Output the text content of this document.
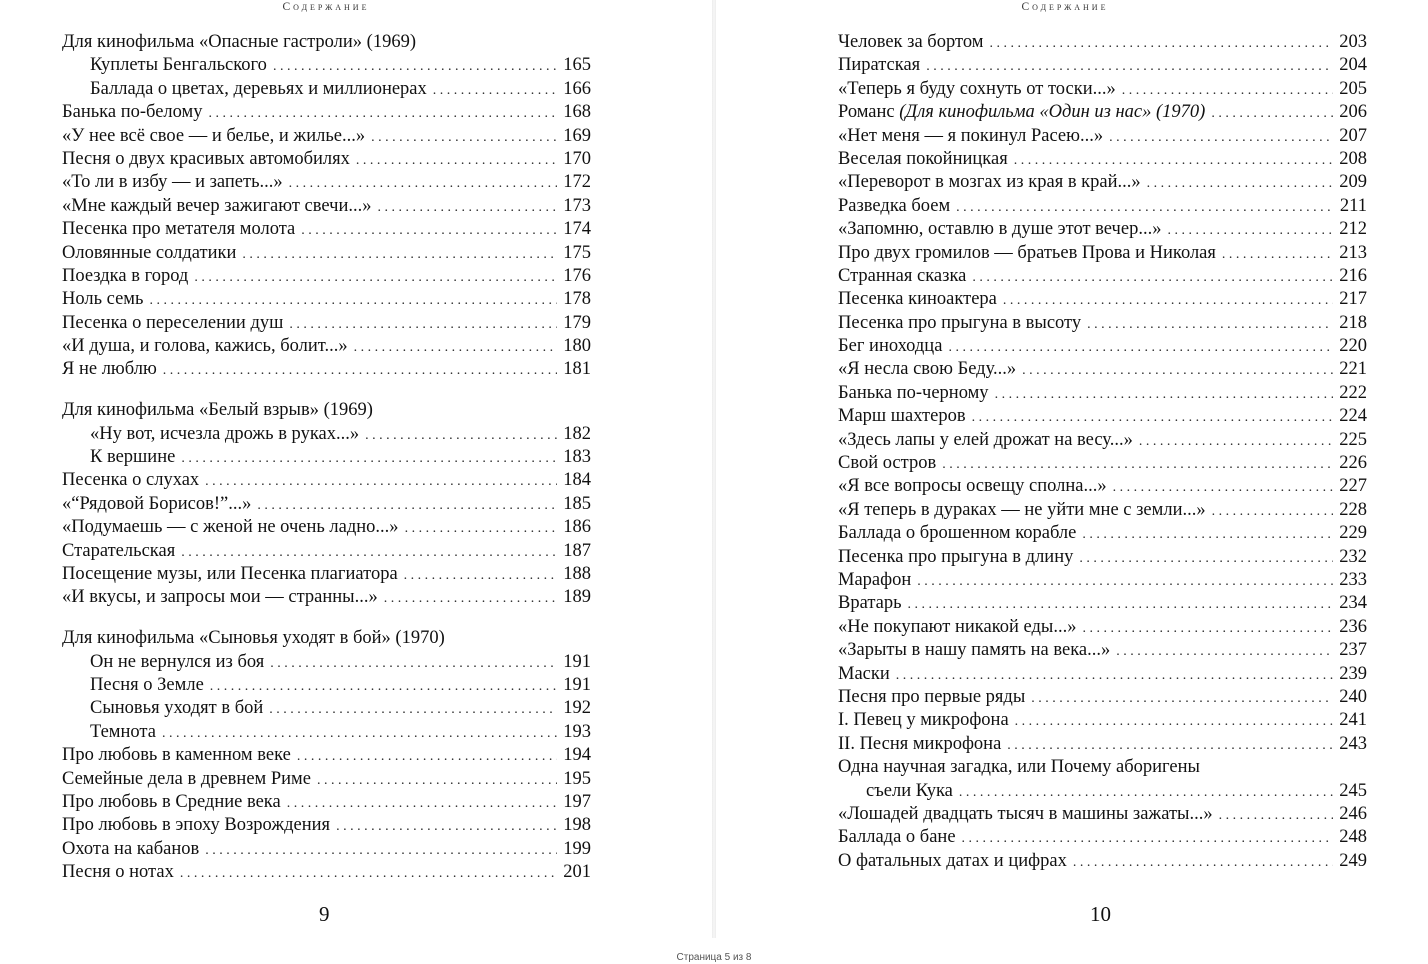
Содержание
Для кинофильма «Опасные гастроли» (1969)
Куплеты Бенгальского . . .	165
Баллада о цветах, деревьях и миллионерах . . .	166
Банька по-белому . . .	168
«У нее всё свое — и белье, и жилье...» . . .	169
Песня о двух красивых автомобилях . . .	170
«То ли в избу — и запеть...» . . .	172
«Мне каждый вечер зажигают свечи...» . . .	173
Песенка про метателя молота . . .	174
Оловянные солдатики . . .	175
Поездка в город . . .	176
Ноль семь . . .	178
Песенка о переселении душ . . .	179
«И душа, и голова, кажись, болит...» . . .	180
Я не люблю . . .	181
Для кинофильма «Белый взрыв» (1969)
«Ну вот, исчезла дрожь в руках...» . . .	182
К вершине . . .	183
Песенка о слухах . . .	184
«“Рядовой Борисов!”...» . . .	185
«Подумаешь — с женой не очень ладно...» . . .	186
Старательская . . .	187
Посещение музы, или Песенка плагиатора . . .	188
«И вкусы, и запросы мои — странны...» . . .	189
Для кинофильма «Сыновья уходят в бой» (1970)
Он не вернулся из боя . . .	191
Песня о Земле . . .	191
Сыновья уходят в бой . . .	192
Темнота . . .	193
Про любовь в каменном веке . . .	194
Семейные дела в древнем Риме . . .	195
Про любовь в Средние века . . .	197
Про любовь в эпоху Возрождения . . .	198
Охота на кабанов . . .	199
Песня о нотах . . .	201
9
Содержание
Человек за бортом . . .	203
Пиратская . . .	204
«Теперь я буду сохнуть от тоски...» . . .	205
Романс
(Для кинофильма «Один из нас» (1970) . . .	206
«Нет меня — я покинул Расею...» . . .	207
Веселая покойницкая . . .	208
«Переворот в мозгах из края в край...» . . .	209
Разведка боем . . .	211
«Запомню, оставлю в душе этот вечер...» . . .	212
Про двух громилов — братьев Прова и Николая . . .	213
Странная сказка . . .	216
Песенка киноактера . . .	217
Песенка про прыгуна в высоту . . .	218
Бег иноходца . . .	220
«Я несла свою Беду...» . . .	221
Банька по-черному . . .	222
Марш шахтеров . . .	224
«Здесь лапы у елей дрожат на весу...» . . .	225
Свой остров . . .	226
«Я все вопросы освещу сполна...» . . .	227
«Я теперь в дураках — не уйти мне с земли...» . . .	228
Баллада о брошенном корабле . . .	229
Песенка про прыгуна в длину . . .	232
Марафон . . .	233
Вратарь . . .	234
«Не покупают никакой еды...» . . .	236
«Зарыты в нашу память на века...» . . .	237
Маски . . .	239
Песня про первые ряды . . .	240
I. Певец у микрофона . . .	241
II. Песня микрофона . . .	243
Одна научная загадка, или Почему аборигены
съели Кука . . .	245
«Лошадей двадцать тысяч в машины зажаты...» . . .	246
Баллада о бане . . .	248
О фатальных датах и цифрах . . .	249
10
Страница 5 из 8
